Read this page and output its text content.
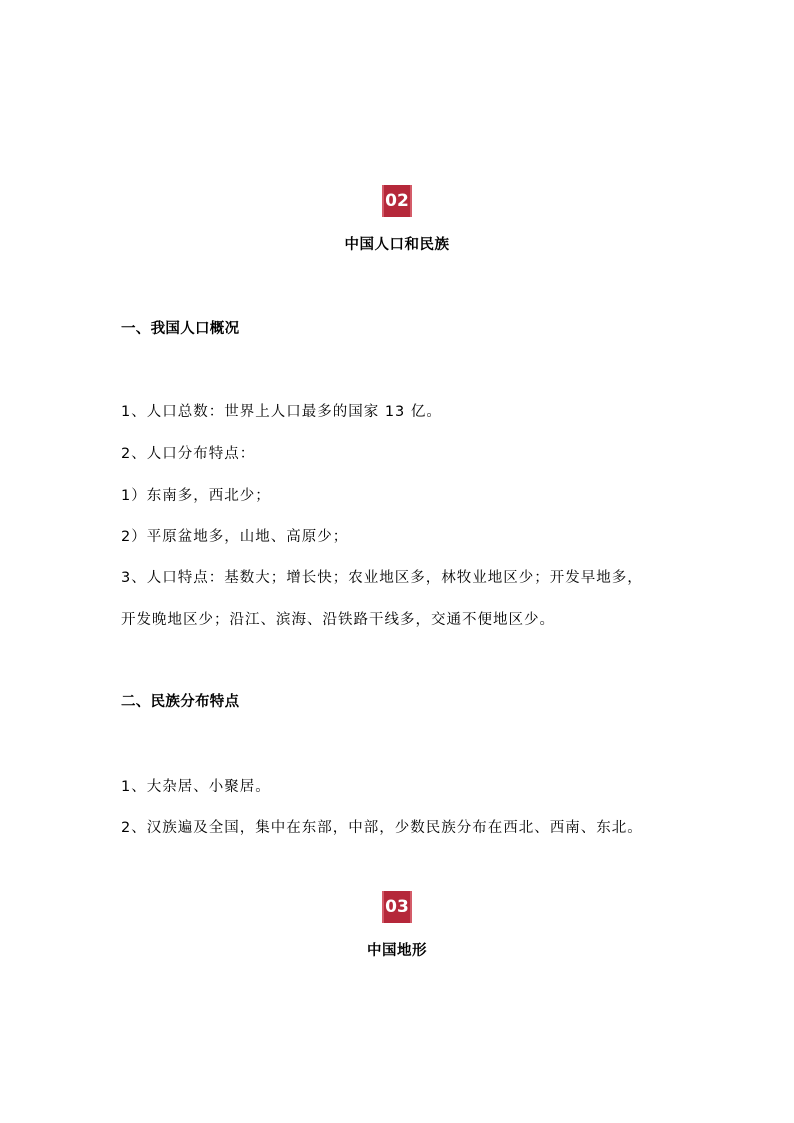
02
中国人口和民族
一、我国人口概况
1、人口总数：世界上人口最多的国家 13 亿。
2、人口分布特点：
1）东南多，西北少；
2）平原盆地多，山地、高原少；
3、人口特点：基数大；增长快；农业地区多，林牧业地区少；开发早地多，
开发晚地区少；沿江、滨海、沿铁路干线多，交通不便地区少。
二、民族分布特点
1、大杂居、小聚居。
2、汉族遍及全国，集中在东部，中部，少数民族分布在西北、西南、东北。
03
中国地形
